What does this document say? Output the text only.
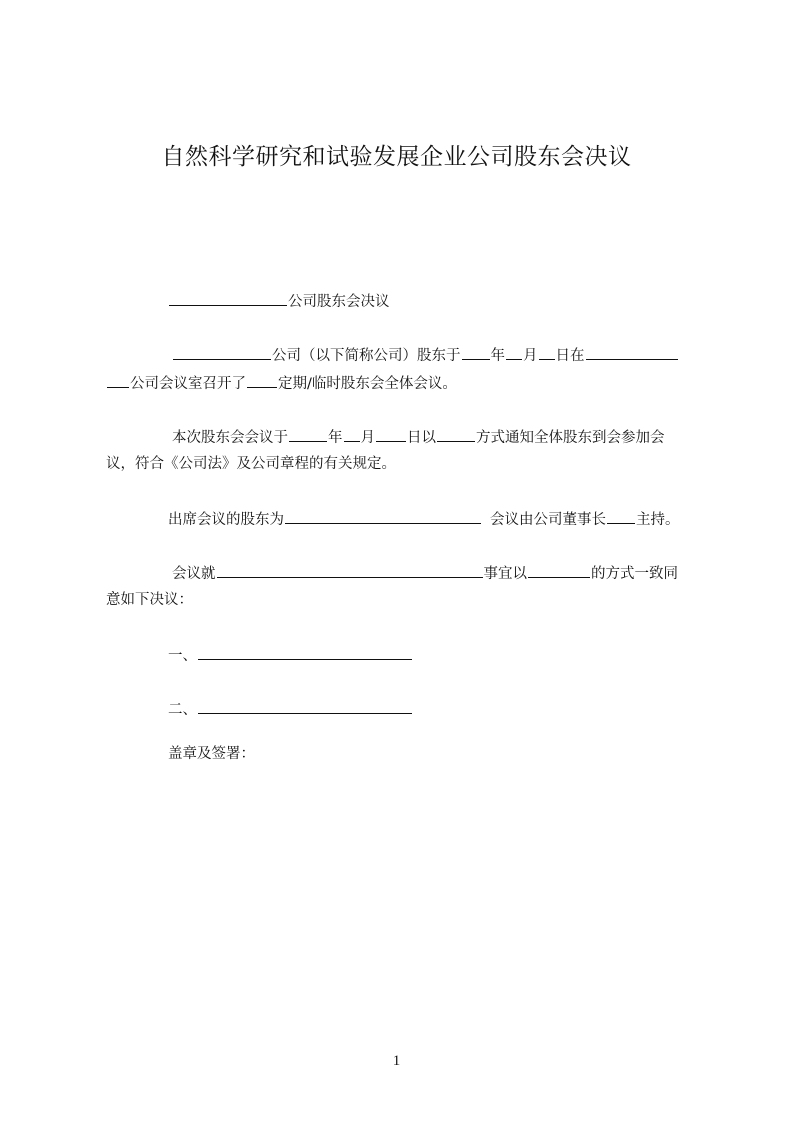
自然科学研究和试验发展企业公司股东会决议
公司股东会决议
公司（以下简称公司）股东于 年 月 日在
公司会议室召开了 定期/临时股东会全体会议。
本次股东会会议于	年 月 日以	方式通知全体股东到会参加会
议，符合《公司法》及公司章程的有关规定。
出席会议的股东为	会议由公司董事长 主持。
会议就	事宜以	的方式一致同
意如下决议：
一、
二、
盖章及签署：
1
